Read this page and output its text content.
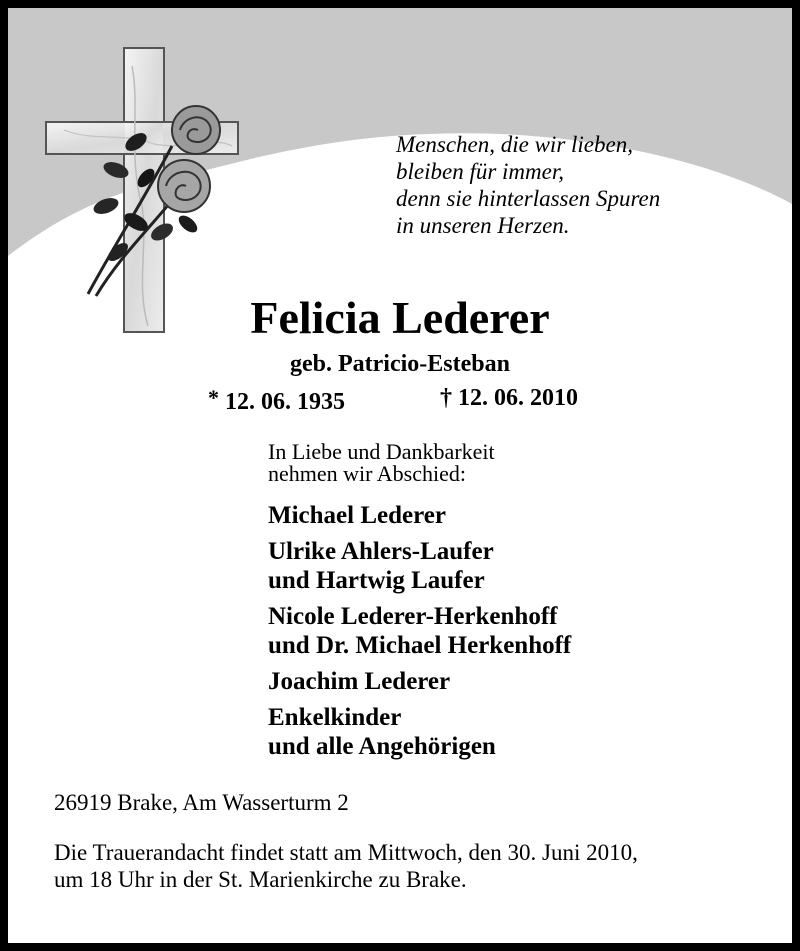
Menschen, die wir lieben,
bleiben für immer,
denn sie hinterlassen Spuren
in unseren Herzen.
Felicia Lederer
geb. Patricio-Esteban
* 12. 06. 1935	† 12. 06. 2010
In Liebe und Dankbarkeit
nehmen wir Abschied:
Michael Lederer
Ulrike Ahlers-Laufer
und Hartwig Laufer
Nicole Lederer-Herkenhoff
und Dr. Michael Herkenhoff
Joachim Lederer
Enkelkinder
und alle Angehörigen
26919 Brake, Am Wasserturm 2
Die Trauerandacht findet statt am Mittwoch, den 30. Juni 2010,
um 18 Uhr in der St. Marienkirche zu Brake.
